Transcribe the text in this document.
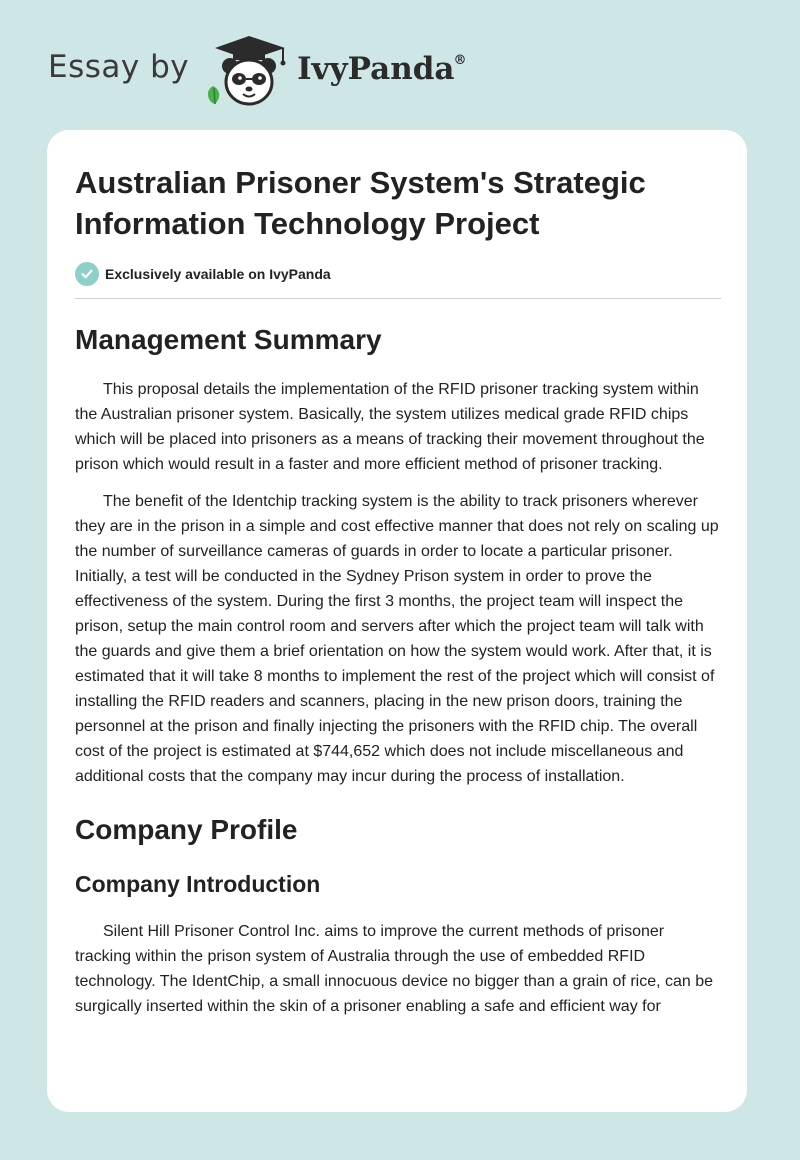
Essay by	IvyPanda ®
Australian Prisoner System's Strategic Information Technology Project
Exclusively available on IvyPanda
Management Summary

This proposal details the implementation of the RFID prisoner tracking system within the Australian prisoner system. Basically, the system utilizes medical grade RFID chips which will be placed into prisoners as a means of tracking their movement throughout the prison which would result in a faster and more efficient method of prisoner tracking.

The benefit of the Identchip tracking system is the ability to track prisoners wherever they are in the prison in a simple and cost effective manner that does not rely on scaling up the number of surveillance cameras of guards in order to locate a particular prisoner. Initially, a test will be conducted in the Sydney Prison system in order to prove the effectiveness of the system. During the first 3 months, the project team will inspect the prison, setup the main control room and servers after which the project team will talk with the guards and give them a brief orientation on how the system would work. After that, it is estimated that it will take 8 months to implement the rest of the project which will consist of installing the RFID readers and scanners, placing in the new prison doors, training the personnel at the prison and finally injecting the prisoners with the RFID chip. The overall cost of the project is estimated at $744,652 which does not include miscellaneous and additional costs that the company may incur during the process of installation.

Company Profile
Company Introduction

Silent Hill Prisoner Control Inc. aims to improve the current methods of prisoner tracking within the prison system of Australia through the use of embedded RFID technology. The IdentChip, a small innocuous device no bigger than a grain of rice, can be surgically inserted within the skin of a prisoner enabling a safe and efficient way for
